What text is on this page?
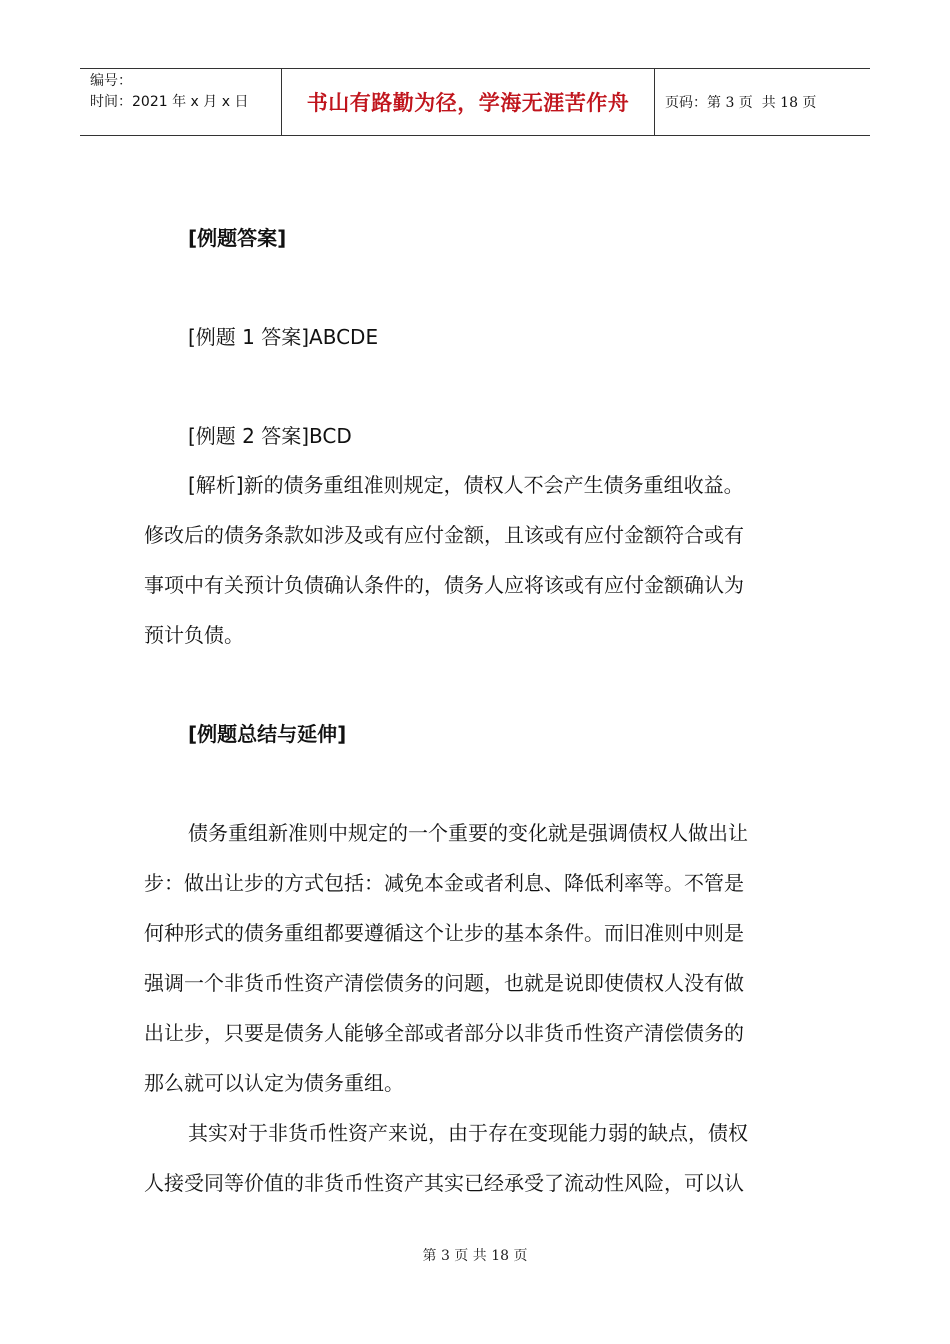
编号：
时间：2021 年 x 月 x 日	书山有路勤为径，学海无涯苦作舟	页码：第 3 页  共 18 页
[例题答案]
[例题 1 答案]ABCDE
[例题 2 答案]BCD
[解析]新的债务重组准则规定，债权人不会产生债务重组收益。
修改后的债务条款如涉及或有应付金额，且该或有应付金额符合或有
事项中有关预计负债确认条件的，债务人应将该或有应付金额确认为
预计负债。
[例题总结与延伸]
债务重组新准则中规定的一个重要的变化就是强调债权人做出让
步：做出让步的方式包括：减免本金或者利息、降低利率等。不管是
何种形式的债务重组都要遵循这个让步的基本条件。而旧准则中则是
强调一个非货币性资产清偿债务的问题，也就是说即使债权人没有做
出让步，只要是债务人能够全部或者部分以非货币性资产清偿债务的
那么就可以认定为债务重组。
其实对于非货币性资产来说，由于存在变现能力弱的缺点，债权
人接受同等价值的非货币性资产其实已经承受了流动性风险，可以认
第 3 页 共 18 页
